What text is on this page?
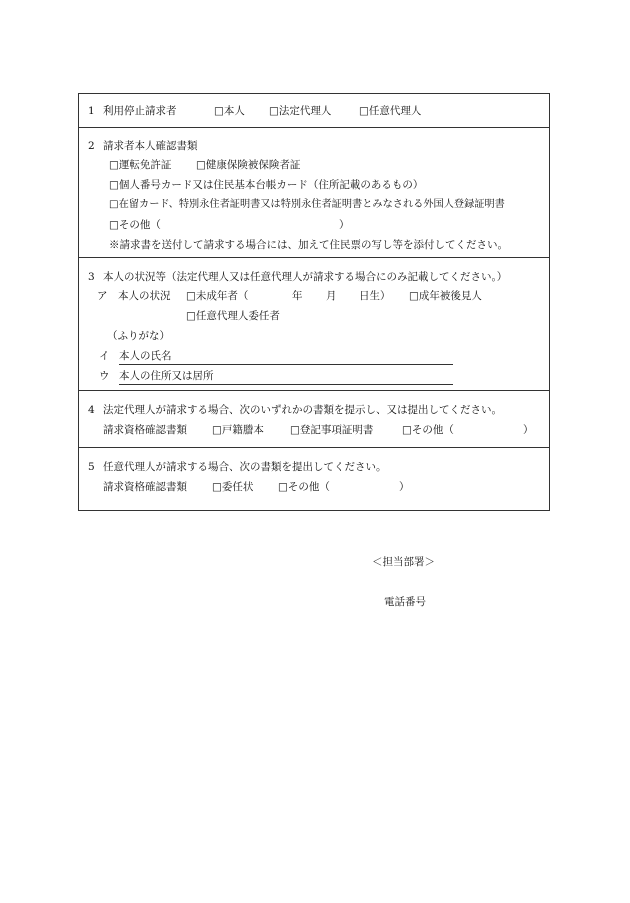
1 利用停止請求者	□本人 □法定代理人	□任意代理人
2 請求者本人確認書類
□運転免許証 □健康保険被保険者証
□個人番号カード又は住民基本台帳カード（住所記載のあるもの）
□在留カード、特別永住者証明書又は特別永住者証明書とみなされる外国人登録証明書
□その他（	）
※請求書を送付して請求する場合には、加えて住民票の写し等を添付してください。
3 本人の状況等（法定代理人又は任意代理人が請求する場合にのみ記載してください。）
ア　本人の状況 □未成年者（	年 月 日生） □成年被後見人
□任意代理人委任者
（ふりがな）
イ 本人の氏名
ウ 本人の住所又は居所
4 法定代理人が請求する場合、次のいずれかの書類を提示し、又は提出してください。
請求資格確認書類 □戸籍謄本 □登記事項証明書	□その他（	）
5 任意代理人が請求する場合、次の書類を提出してください。
請求資格確認書類 □委任状 □その他（	）
＜担当部署＞
電話番号
